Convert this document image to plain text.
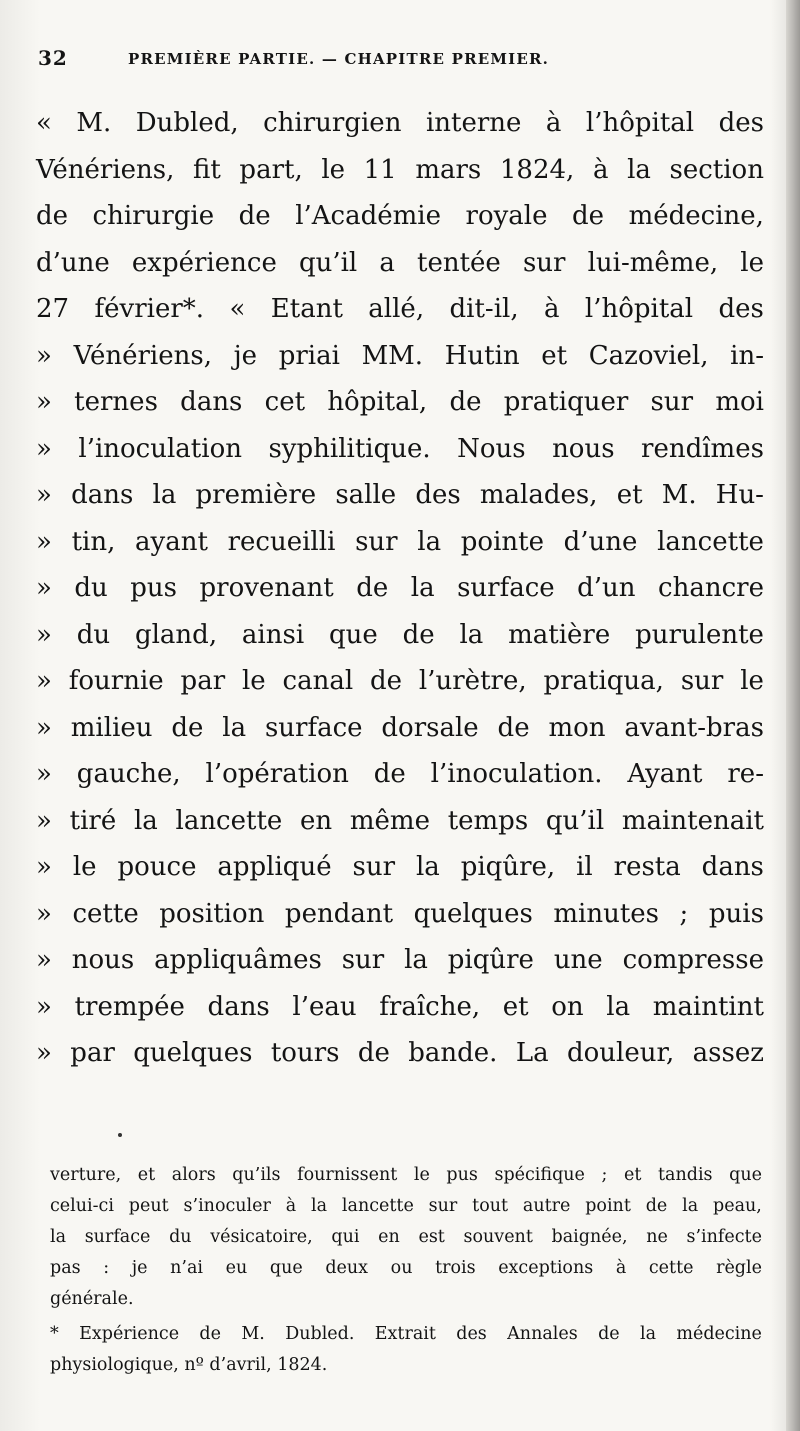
32	PREMIÈRE PARTIE. — CHAPITRE PREMIER.
« M. Dubled, chirurgien interne à l’hôpital des
Vénériens, fit part, le 11 mars 1824, à la section
de chirurgie de l’Académie royale de médecine,
d’une expérience qu’il a tentée sur lui-même, le
27 février*. « Etant allé, dit-il, à l’hôpital des
» Vénériens, je priai MM. Hutin et Cazoviel, in-
» ternes dans cet hôpital, de pratiquer sur moi
» l’inoculation syphilitique. Nous nous rendîmes
» dans la première salle des malades, et M. Hu-
» tin, ayant recueilli sur la pointe d’une lancette
» du pus provenant de la surface d’un chancre
» du gland, ainsi que de la matière purulente
» fournie par le canal de l’urètre, pratiqua, sur le
» milieu de la surface dorsale de mon avant-bras
» gauche, l’opération de l’inoculation. Ayant re-
» tiré la lancette en même temps qu’il maintenait
» le pouce appliqué sur la piqûre, il resta dans
» cette position pendant quelques minutes ; puis
» nous appliquâmes sur la piqûre une compresse
» trempée dans l’eau fraîche, et on la maintint
» par quelques tours de bande. La douleur, assez
verture, et alors qu’ils fournissent le pus spécifique ; et tandis que
celui-ci peut s’inoculer à la lancette sur tout autre point de la peau,
la surface du vésicatoire, qui en est souvent baignée, ne s’infecte
pas : je n’ai eu que deux ou trois exceptions à cette règle
générale.
* Expérience de M. Dubled. Extrait des Annales de la médecine
physiologique, nº d’avril, 1824.
